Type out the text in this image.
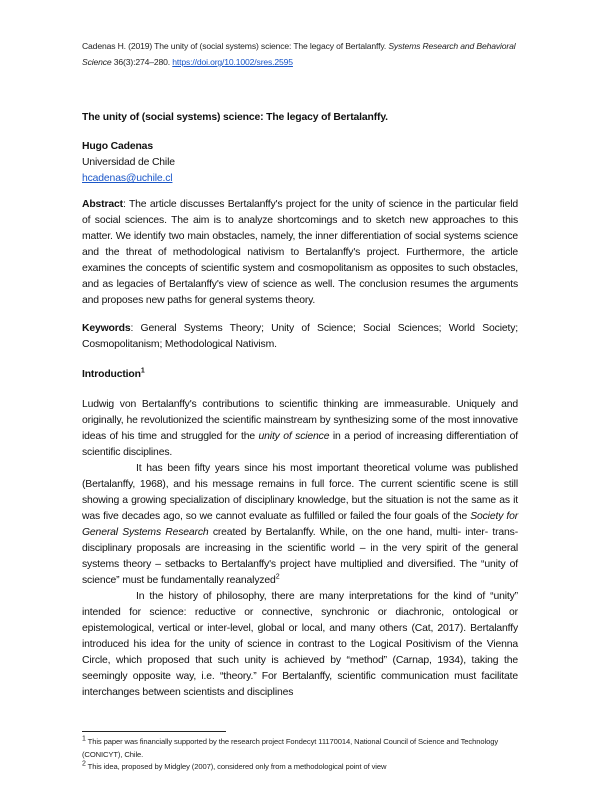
Cadenas H. (2019) The unity of (social systems) science: The legacy of Bertalanffy. Systems Research and Behavioral Science 36(3):274–280. https://doi.org/10.1002/sres.2595
The unity of (social systems) science: The legacy of Bertalanffy.
Hugo Cadenas
Universidad de Chile
hcadenas@uchile.cl
Abstract: The article discusses Bertalanffy's project for the unity of science in the particular field of social sciences. The aim is to analyze shortcomings and to sketch new approaches to this matter. We identify two main obstacles, namely, the inner differentiation of social systems science and the threat of methodological nativism to Bertalanffy's project. Furthermore, the article examines the concepts of scientific system and cosmopolitanism as opposites to such obstacles, and as legacies of Bertalanffy's view of science as well. The conclusion resumes the arguments and proposes new paths for general systems theory.
Keywords: General Systems Theory; Unity of Science; Social Sciences; World Society; Cosmopolitanism; Methodological Nativism.
Introduction$^1$

Ludwig von Bertalanffy's contributions to scientific thinking are immeasurable. Uniquely and originally, he revolutionized the scientific mainstream by synthesizing some of the most innovative ideas of his time and struggled for the unity of science in a period of increasing differentiation of scientific disciplines.

It has been fifty years since his most important theoretical volume was published (Bertalanffy, 1968), and his message remains in full force. The current scientific scene is still showing a growing specialization of disciplinary knowledge, but the situation is not the same as it was five decades ago, so we cannot evaluate as fulfilled or failed the four goals of the Society for General Systems Research created by Bertalanffy. While, on the one hand, multi- inter- trans- disciplinary proposals are increasing in the scientific world – in the very spirit of the general systems theory – setbacks to Bertalanffy's project have multiplied and diversified. The “unity of science” must be fundamentally reanalyzed$^2$

In the history of philosophy, there are many interpretations for the kind of “unity” intended for science: reductive or connective, synchronic or diachronic, ontological or epistemological, vertical or inter-level, global or local, and many others (Cat, 2017). Bertalanffy introduced his idea for the unity of science in contrast to the Logical Positivism of the Vienna Circle, which proposed that such unity is achieved by “method” (Carnap, 1934), taking the seemingly opposite way, i.e. “theory.” For Bertalanffy, scientific communication must facilitate interchanges between scientists and disciplines

$^1$ This paper was financially supported by the research project Fondecyt 11170014, National Council of Science and Technology (CONICYT), Chile.
$^2$ This idea, proposed by Midgley (2007), considered only from a methodological point of view
